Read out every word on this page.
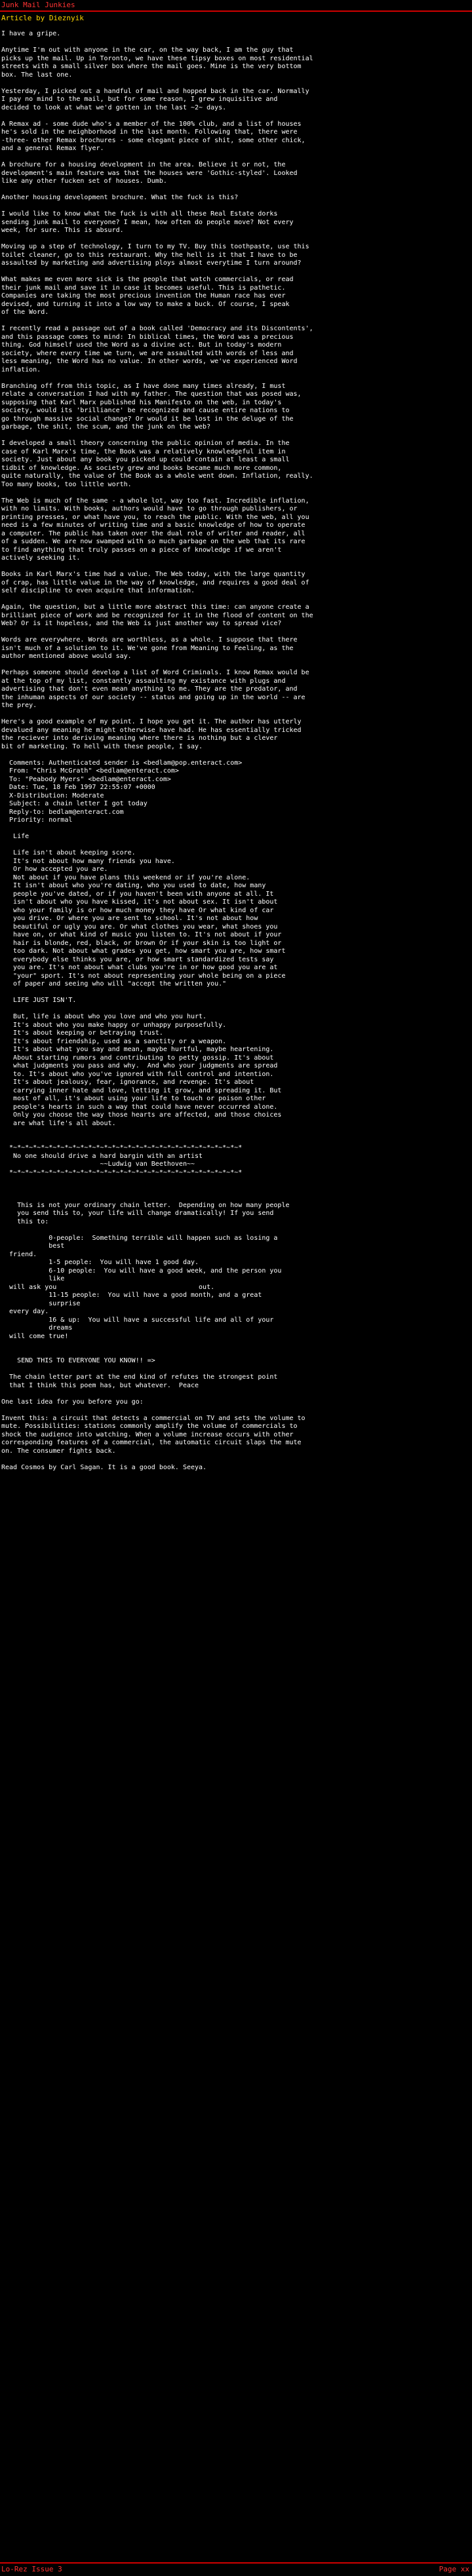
Junk Mail Junkies
Article by Dieznyik
I have a gripe.

Anytime I'm out with anyone in the car, on the way back, I am the guy that
picks up the mail. Up in Toronto, we have these tipsy boxes on most residential
streets with a small silver box where the mail goes. Mine is the very bottom
box. The last one.

Yesterday, I picked out a handful of mail and hopped back in the car. Normally
I pay no mind to the mail, but for some reason, I grew inquisitive and
decided to look at what we'd gotten in the last ~2~ days.

A Remax ad - some dude who's a member of the 100% club, and a list of houses
he's sold in the neighborhood in the last month. Following that, there were
-three- other Remax brochures - some elegant piece of shit, some other chick,
and a general Remax flyer.

A brochure for a housing development in the area. Believe it or not, the
development's main feature was that the houses were 'Gothic-styled'. Looked
like any other fucken set of houses. Dumb.

Another housing development brochure. What the fuck is this?

I would like to know what the fuck is with all these Real Estate dorks
sending junk mail to everyone? I mean, how often do people move? Not every
week, for sure. This is absurd.

Moving up a step of technology, I turn to my TV. Buy this toothpaste, use this
toilet cleaner, go to this restaurant. Why the hell is it that I have to be
assaulted by marketing and advertising ploys almost everytime I turn around?

What makes me even more sick is the people that watch commercials, or read
their junk mail and save it in case it becomes useful. This is pathetic.
Companies are taking the most precious invention the Human race has ever
devised, and turning it into a low way to make a buck. Of course, I speak
of the Word.

I recently read a passage out of a book called 'Democracy and its Discontents',
and this passage comes to mind: In biblical times, the Word was a precious
thing. God himself used the Word as a divine act. But in today's modern
society, where every time we turn, we are assaulted with words of less and
less meaning, the Word has no value. In other words, we've experienced Word
inflation.

Branching off from this topic, as I have done many times already, I must
relate a conversation I had with my father. The question that was posed was,
supposing that Karl Marx published his Manifesto on the web, in today's
society, would its 'brilliance' be recognized and cause entire nations to
go through massive social change? Or would it be lost in the deluge of the
garbage, the shit, the scum, and the junk on the web?

I developed a small theory concerning the public opinion of media. In the
case of Karl Marx's time, the Book was a relatively knowledgeful item in
society. Just about any book you picked up could contain at least a small
tidbit of knowledge. As society grew and books became much more common,
quite naturally, the value of the Book as a whole went down. Inflation, really.
Too many books, too little worth.

The Web is much of the same - a whole lot, way too fast. Incredible inflation,
with no limits. With books, authors would have to go through publishers, or
printing presses, or what have you, to reach the public. With the web, all you
need is a few minutes of writing time and a basic knowledge of how to operate
a computer. The public has taken over the dual role of writer and reader, all
of a sudden. We are now swamped with so much garbage on the web that its rare
to find anything that truly passes on a piece of knowledge if we aren't
actively seeking it.

Books in Karl Marx's time had a value. The Web today, with the large quantity
of crap, has little value in the way of knowledge, and requires a good deal of
self discipline to even acquire that information.

Again, the question, but a little more abstract this time: can anyone create a
brilliant piece of work and be recognized for it in the flood of content on the
Web? Or is it hopeless, and the Web is just another way to spread vice?

Words are everywhere. Words are worthless, as a whole. I suppose that there
isn't much of a solution to it. We've gone from Meaning to Feeling, as the
author mentioned above would say.

Perhaps someone should develop a list of Word Criminals. I know Remax would be
at the top of my list, constantly assaulting my existance with plugs and
advertising that don't even mean anything to me. They are the predator, and
the inhuman aspects of our society -- status and going up in the world -- are
the prey.

Here's a good example of my point. I hope you get it. The author has utterly
devalued any meaning he might otherwise have had. He has essentially tricked
the reciever into deriving meaning where there is nothing but a clever
bit of marketing. To hell with these people, I say.

Comments: Authenticated sender is <bedlam@pop.enteract.com>
From: "Chris McGrath" <bedlam@enteract.com>
To: "Peabody Myers" <bedlam@enteract.com>
Date: Tue, 18 Feb 1997 22:55:07 +0000
X-Distribution: Moderate
Subject: a chain letter I got today
Reply-to: bedlam@enteract.com
Priority: normal

Life

Life isn't about keeping score.
It's not about how many friends you have.
Or how accepted you are.
Not about if you have plans this weekend or if you're alone.
It isn't about who you're dating, who you used to date, how many
people you've dated, or if you haven't been with anyone at all. It
isn't about who you have kissed, it's not about sex. It isn't about
who your family is or how much money they have Or what kind of car
you drive. Or where you are sent to school. It's not about how
beautiful or ugly you are. Or what clothes you wear, what shoes you
have on, or what kind of music you listen to. It's not about if your
hair is blonde, red, black, or brown Or if your skin is too light or
too dark. Not about what grades you get, how smart you are, how smart
everybody else thinks you are, or how smart standardized tests say
you are. It's not about what clubs you're in or how good you are at
"your" sport. It's not about representing your whole being on a piece
of paper and seeing who will "accept the written you."

LIFE JUST ISN'T.

But, life is about who you love and who you hurt.
It's about who you make happy or unhappy purposefully.
It's about keeping or betraying trust.
It's about friendship, used as a sanctity or a weapon.
It's about what you say and mean, maybe hurtful, maybe heartening.
About starting rumors and contributing to petty gossip. It's about
what judgments you pass and why.  And who your judgments are spread
to. It's about who you've ignored with full control and intention.
It's about jealousy, fear, ignorance, and revenge. It's about
carrying inner hate and love, letting it grow, and spreading it. But
most of all, it's about using your life to touch or poison other
people's hearts in such a way that could have never occurred alone.
Only you choose the way those hearts are affected, and those choices
are what life's all about.

*~*~*~*~*~*~*~*~*~*~*~*~*~*~*~*~*~*~*~*~*~*~*~*~*~*~*~*~*~*
No one should drive a hard bargin with an artist
~~Ludwig van Beethoven~~
*~*~*~*~*~*~*~*~*~*~*~*~*~*~*~*~*~*~*~*~*~*~*~*~*~*~*~*~*~*

This is not your ordinary chain letter.  Depending on how many people
you send this to, your life will change dramatically! If you send
this to:

0-people:  Something terrible will happen such as losing a
best
friend.
1-5 people:  You will have 1 good day.
6-10 people:  You will have a good week, and the person you
like
will ask you                                    out.
11-15 people:  You will have a good month, and a great
surprise
every day.
16 & up:  You will have a successful life and all of your
dreams
will come true!

SEND THIS TO EVERYONE YOU KNOW!! =>

The chain letter part at the end kind of refutes the strongest point
that I think this poem has, but whatever.  Peace

One last idea for you before you go:

Invent this: a circuit that detects a commercial on TV and sets the volume to
mute. Possibilities: stations commonly amplify the volume of commercials to
shock the audience into watching. When a volume increase occurs with other
corresponding features of a commercial, the automatic circuit slaps the mute
on. The consumer fights back.

Read Cosmos by Carl Sagan. It is a good book. Seeya.
Lo-Rez Issue 3	Page xx
